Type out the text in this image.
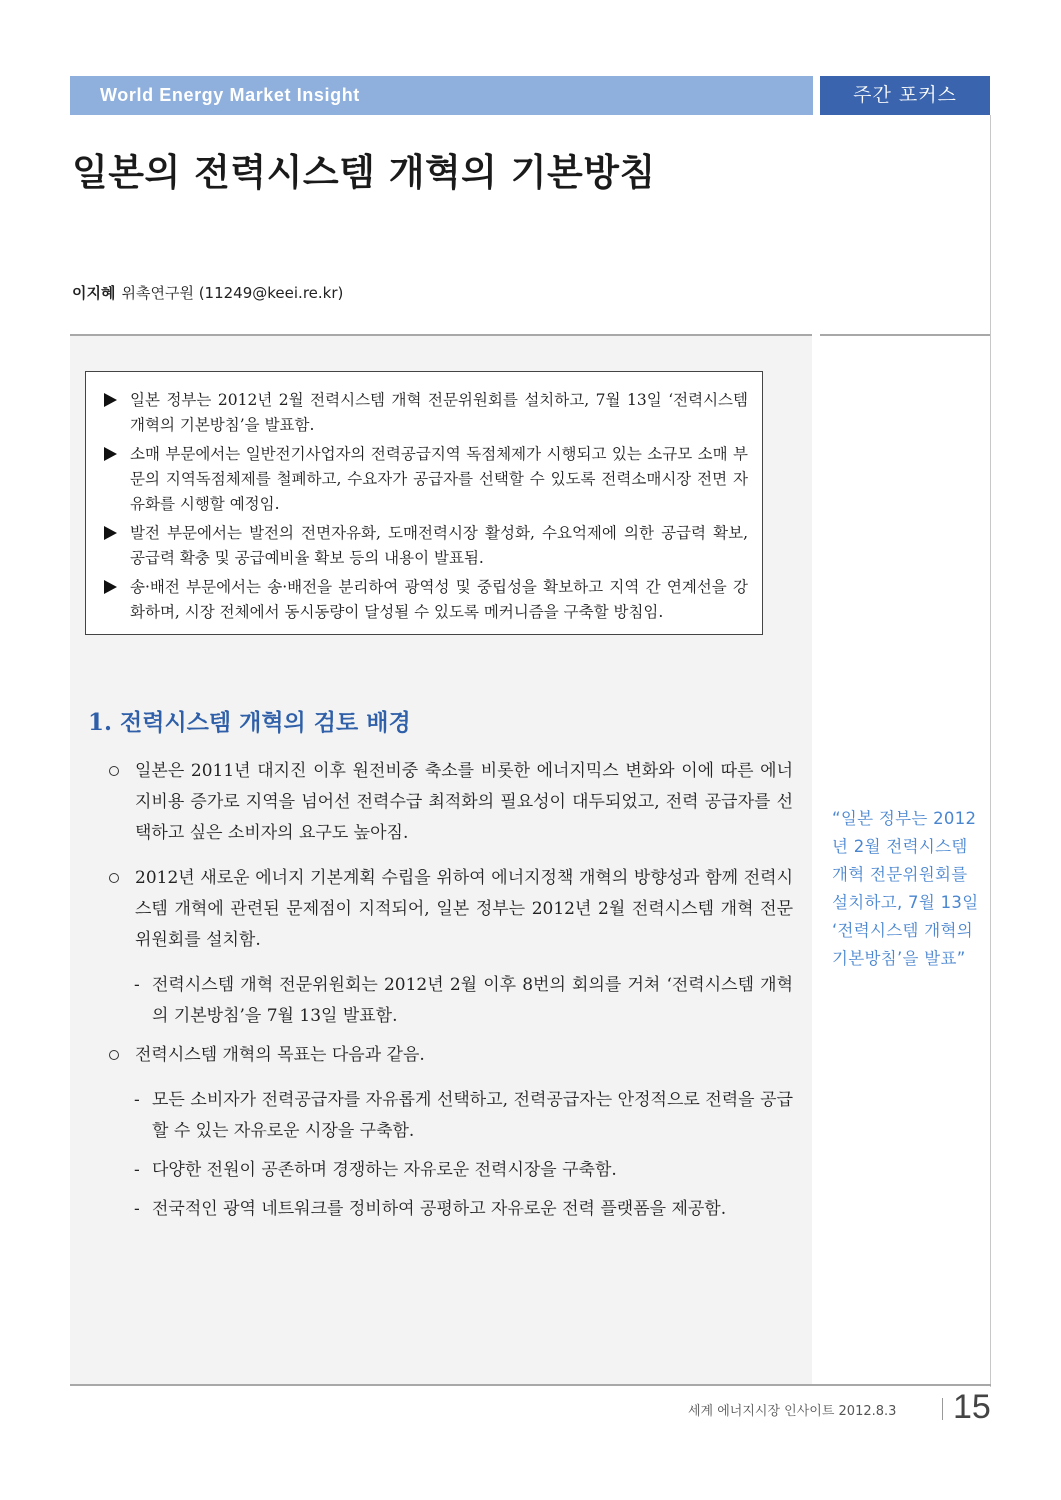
World Energy Market Insight	주간 포커스
일본의 전력시스템 개혁의 기본방침
이지혜 위촉연구원 (11249@keei.re.kr)
일본 정부는 2012년 2월 전력시스템 개혁 전문위원회를 설치하고, 7월 13일 ‘전력시스템 개혁의 기본방침’을 발표함.
소매 부문에서는 일반전기사업자의 전력공급지역 독점체제가 시행되고 있는 소규모 소매 부문의 지역독점체제를 철폐하고, 수요자가 공급자를 선택할 수 있도록 전력소매시장 전면 자유화를 시행할 예정임.
발전 부문에서는 발전의 전면자유화, 도매전력시장 활성화, 수요억제에 의한 공급력 확보, 공급력 확충 및 공급예비율 확보 등의 내용이 발표됨.
송·배전 부문에서는 송·배전을 분리하여 광역성 및 중립성을 확보하고 지역 간 연계선을 강화하며, 시장 전체에서 동시동량이 달성될 수 있도록 메커니즘을 구축할 방침임.
1. 전력시스템 개혁의 검토 배경
일본은 2011년 대지진 이후 원전비중 축소를 비롯한 에너지믹스 변화와 이에 따른 에너지비용 증가로 지역을 넘어선 전력수급 최적화의 필요성이 대두되었고, 전력 공급자를 선택하고 싶은 소비자의 요구도 높아짐.
2012년 새로운 에너지 기본계획 수립을 위하여 에너지정책 개혁의 방향성과 함께 전력시스템 개혁에 관련된 문제점이 지적되어, 일본 정부는 2012년 2월 전력시스템 개혁 전문위원회를 설치함.
- 전력시스템 개혁 전문위원회는 2012년 2월 이후 8번의 회의를 거쳐 ‘전력시스템 개혁의 기본방침’을 7월 13일 발표함.
전력시스템 개혁의 목표는 다음과 같음.
- 모든 소비자가 전력공급자를 자유롭게 선택하고, 전력공급자는 안정적으로 전력을 공급할 수 있는 자유로운 시장을 구축함.
- 다양한 전원이 공존하며 경쟁하는 자유로운 전력시장을 구축함.
- 전국적인 광역 네트워크를 정비하여 공평하고 자유로운 전력 플랫폼을 제공함.
“일본 정부는 2012년 2월 전력시스템 개혁 전문위원회를 설치하고, 7월 13일 ‘전력시스템 개혁의 기본방침’을 발표”
세계 에너지시장 인사이트 2012.8.3 15
